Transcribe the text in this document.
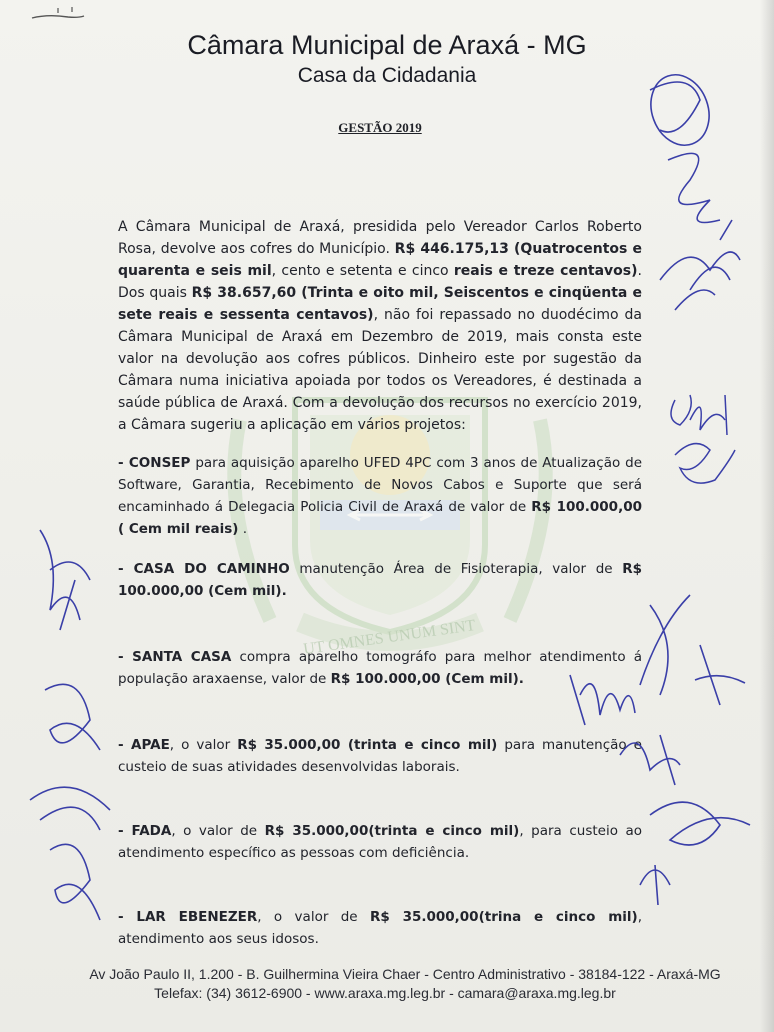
UT OMNES UNUM SINT
Câmara Municipal de Araxá - MG
Casa da Cidadania
GESTÃO 2019
A Câmara Municipal de Araxá, presidida pelo Vereador Carlos Roberto Rosa, devolve aos cofres do Município. R$ 446.175,13 (Quatrocentos e quarenta e seis mil, cento e setenta e cinco reais e treze centavos). Dos quais R$ 38.657,60 (Trinta e oito mil, Seiscentos e cinqüenta e sete reais e sessenta centavos), não foi repassado no duodécimo da Câmara Municipal de Araxá em Dezembro de 2019, mais consta este valor na devolução aos cofres públicos. Dinheiro este por sugestão da Câmara numa iniciativa apoiada por todos os Vereadores, é destinada a saúde pública de Araxá. Com a devolução dos recursos no exercício 2019, a Câmara sugeriu a aplicação em vários projetos:
- CONSEP para aquisição aparelho UFED 4PC com 3 anos de Atualização de Software, Garantia, Recebimento de Novos Cabos e Suporte que será encaminhado á Delegacia Policia Civil de Araxá de valor de R$ 100.000,00 ( Cem mil reais) .
- CASA DO CAMINHO manutenção Área de Fisioterapia, valor de R$ 100.000,00 (Cem mil).
- SANTA CASA compra aparelho tomográfo para melhor atendimento á população araxaense, valor de R$ 100.000,00 (Cem mil).
- APAE, o valor R$ 35.000,00 (trinta e cinco mil) para manutenção e custeio de suas atividades desenvolvidas laborais.
- FADA, o valor de R$ 35.000,00(trinta e cinco mil), para custeio ao atendimento específico as pessoas com deficiência.
- LAR EBENEZER, o valor de R$ 35.000,00(trina e cinco mil), atendimento aos seus idosos.
Av João Paulo II, 1.200 - B. Guilhermina Vieira Chaer - Centro Administrativo - 38184-122 - Araxá-MG
Telefax: (34) 3612-6900 - www.araxa.mg.leg.br - camara@araxa.mg.leg.br
